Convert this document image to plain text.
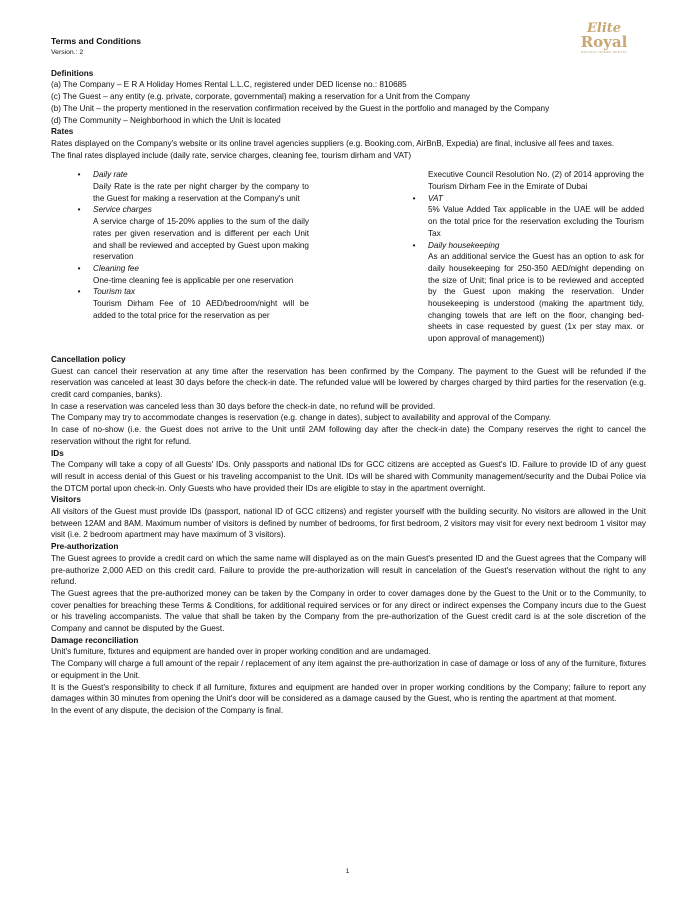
Elite
Royal
HOLIDAY HOMES RENTAL
Terms and Conditions
Version.: 2
Definitions

(a) The Company – E R A Holiday Homes Rental L.L.C, registered under DED license no.: 810685

(c) The Guest – any entity (e.g. private, corporate, governmental) making a reservation for a Unit from the Company

(b) The Unit – the property mentioned in the reservation confirmation received by the Guest in the portfolio and managed by the Company

(d) The Community – Neighborhood in which the Unit is located

Rates

Rates displayed on the Company's website or its online travel agencies suppliers (e.g. Booking.com, AirBnB, Expedia) are final, inclusive all fees and taxes.

The final rates displayed include (daily rate, service charges, cleaning fee, tourism dirham and VAT)

•	Daily rate
Daily Rate is the rate per night charger by the company to the Guest for making a reservation at the Company's unit
•	Service charges
A service charge of 15-20% applies to the sum of the daily rates per given reservation and is different per each Unit and shall be reviewed and accepted by Guest upon making reservation
•	Cleaning fee
One-time cleaning fee is applicable per one reservation
•	Tourism tax
Tourism Dirham Fee of 10 AED/bedroom/night will be added to the total price for the reservation as per
Executive Council Resolution No. (2) of 2014 approving the Tourism Dirham Fee in the Emirate of Dubai
•	VAT
5% Value Added Tax applicable in the UAE will be added on the total price for the reservation excluding the Tourism Tax
•	Daily housekeeping
As an additional service the Guest has an option to ask for daily housekeeping for 250-350 AED/night depending on the size of Unit; final price is to be reviewed and accepted by the Guest upon making the reservation. Under housekeeping is understood (making the apartment tidy, changing towels that are left on the floor, changing bed-sheets in case requested by guest (1x per stay max. or upon approval of management))
Cancellation policy

Guest can cancel their reservation at any time after the reservation has been confirmed by the Company. The payment to the Guest will be refunded if the reservation was canceled at least 30 days before the check-in date. The refunded value will be lowered by charges charged by third parties for the reservation (e.g. credit card companies, banks).

In case a reservation was canceled less than 30 days before the check-in date, no refund will be provided.

The Company may try to accommodate changes is reservation (e.g. change in dates), subject to availability and approval of the Company.

In case of no-show (i.e. the Guest does not arrive to the Unit until 2AM following day after the check-in date) the Company reserves the right to cancel the reservation without the right for refund.

IDs

The Company will take a copy of all Guests' IDs. Only passports and national IDs for GCC citizens are accepted as Guest's ID. Failure to provide ID of any guest will result in access denial of this Guest or his traveling accompanist to the Unit. IDs will be shared with Community management/security and the Dubai Police via the DTCM portal upon check-in. Only Guests who have provided their IDs are eligible to stay in the apartment overnight.

Visitors

All visitors of the Guest must provide IDs (passport, national ID of GCC citizens) and register yourself with the building security. No visitors are allowed in the Unit between 12AM and 8AM. Maximum number of visitors is defined by number of bedrooms, for first bedroom, 2 visitors may visit for every next bedroom 1 visitor may visit (i.e. 2 bedroom apartment may have maximum of 3 visitors).

Pre-authorization

The Guest agrees to provide a credit card on which the same name will displayed as on the main Guest's presented ID and the Guest agrees that the Company will pre-authorize 2,000 AED on this credit card. Failure to provide the pre-authorization will result in cancelation of the Guest's reservation without the right to any refund.

The Guest agrees that the pre-authorized money can be taken by the Company in order to cover damages done by the Guest to the Unit or to the Community, to cover penalties for breaching these Terms & Conditions, for additional required services or for any direct or indirect expenses the Company incurs due to the Guest or his traveling accompanists. The value that shall be taken by the Company from the pre-authorization of the Guest credit card is at the sole discretion of the Company and cannot be disputed by the Guest.

Damage reconciliation

Unit's furniture, fixtures and equipment are handed over in proper working condition and are undamaged.

The Company will charge a full amount of the repair / replacement of any item against the pre-authorization in case of damage or loss of any of the furniture, fixtures or equipment in the Unit.

It is the Guest's responsibility to check if all furniture, fixtures and equipment are handed over in proper working conditions by the Company; failure to report any damages within 30 minutes from opening the Unit's door will be considered as a damage caused by the Guest, who is renting the apartment at that moment.

In the event of any dispute, the decision of the Company is final.

1
